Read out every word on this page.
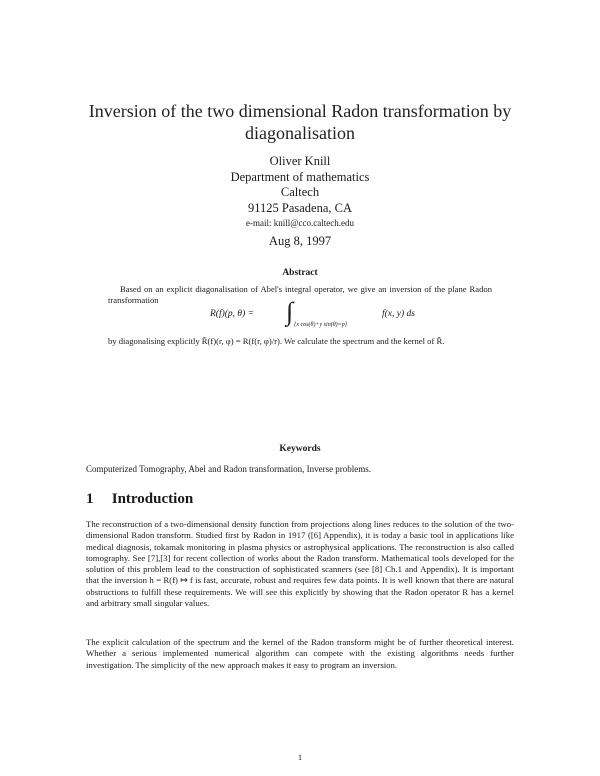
Inversion of the two dimensional Radon transformation by diagonalisation
Oliver Knill
Department of mathematics
Caltech
91125 Pasadena, CA
e-mail: knill@cco.caltech.edu
Aug 8, 1997
Abstract
Based on an explicit diagonalisation of Abel's integral operator, we give an inversion of the plane Radon transformation
R(f)(p, θ) = ∫ {x cos(θ)+y sin(θ)=p}
f(x, y) ds
by diagonalising explicitly R̃(f)(r, φ) = R(f(r, φ)/r). We calculate the spectrum and the kernel of R̃.
Keywords
Computerized Tomography, Abel and Radon transformation, Inverse problems.
1 Introduction
The reconstruction of a two-dimensional density function from projections along lines reduces to the solution of the two-dimensional Radon transform. Studied first by Radon in 1917 ([6] Appendix), it is today a basic tool in applications like medical diagnosis, tokamak monitoring in plasma physics or astrophysical applications. The reconstruction is also called tomography. See [7],[3] for recent collection of works about the Radon transform. Mathematical tools developed for the solution of this problem lead to the construction of sophisticated scanners (see [8] Ch.1 and Appendix). It is important that the inversion h = R(f) ↦ f is fast, accurate, robust and requires few data points. It is well known that there are natural obstructions to fulfill these requirements. We will see this explicitly by showing that the Radon operator R has a kernel and arbitrary small singular values.
The explicit calculation of the spectrum and the kernel of the Radon transform might be of further theoretical interest. Whether a serious implemented numerical algorithm can compete with the existing algorithms needs further investigation. The simplicity of the new approach makes it easy to program an inversion.
1
